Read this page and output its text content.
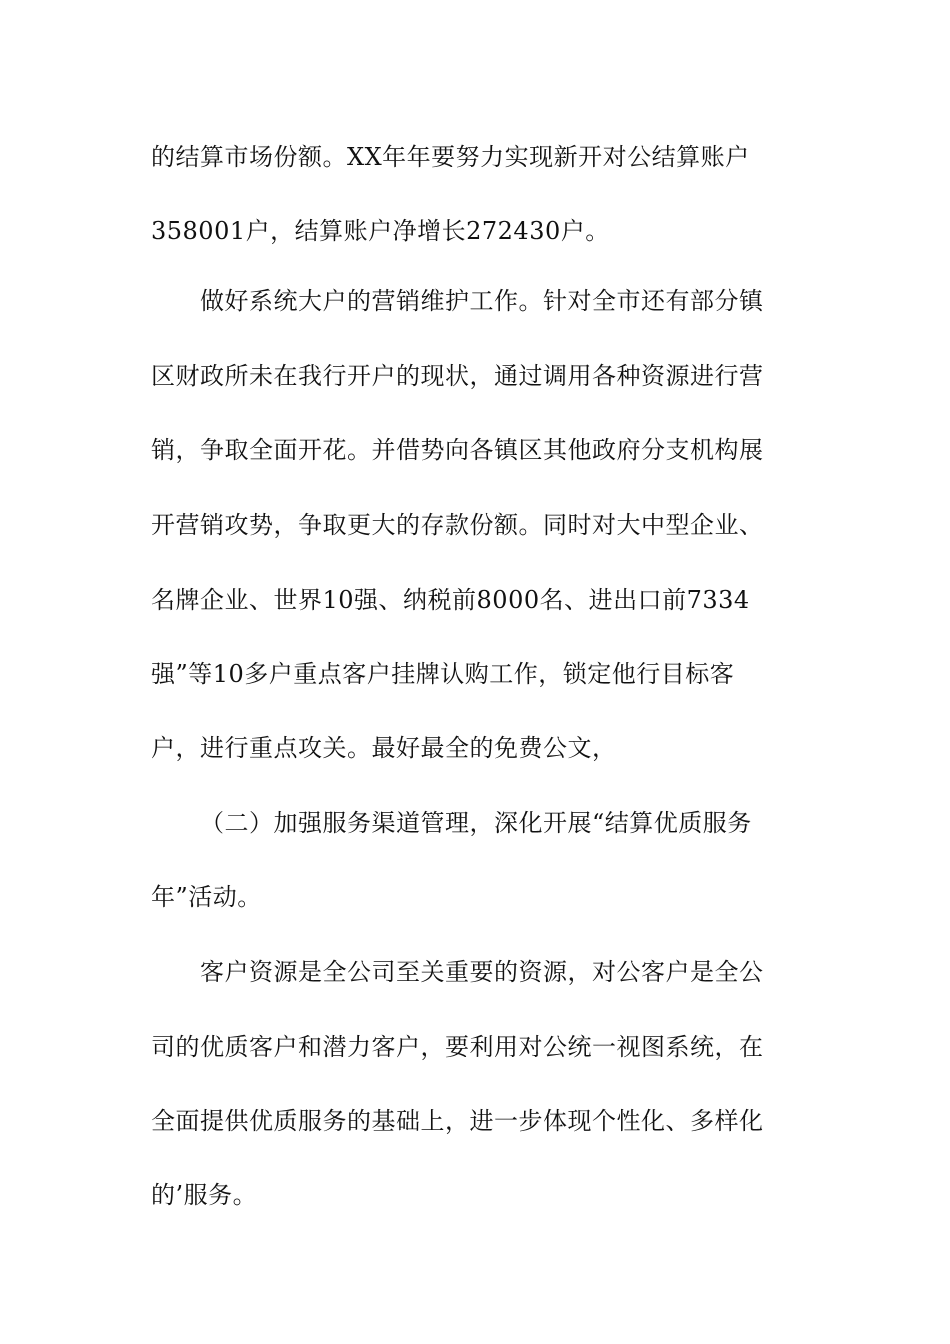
的结算市场份额。XX年年要努力实现新开对公结算账户
358001户，结算账户净增长272430户。
做好系统大户的营销维护工作。针对全市还有部分镇
区财政所未在我行开户的现状，通过调用各种资源进行营
销，争取全面开花。并借势向各镇区其他政府分支机构展
开营销攻势，争取更大的存款份额。同时对大中型企业、
名牌企业、世界10强、纳税前8000名、进出口前7334
强”等10多户重点客户挂牌认购工作，锁定他行目标客
户，进行重点攻关。最好最全的免费公文，
（二）加强服务渠道管理，深化开展“结算优质服务
年”活动。
客户资源是全公司至关重要的资源，对公客户是全公
司的优质客户和潜力客户，要利用对公统一视图系统，在
全面提供优质服务的基础上，进一步体现个性化、多样化
的’服务。
